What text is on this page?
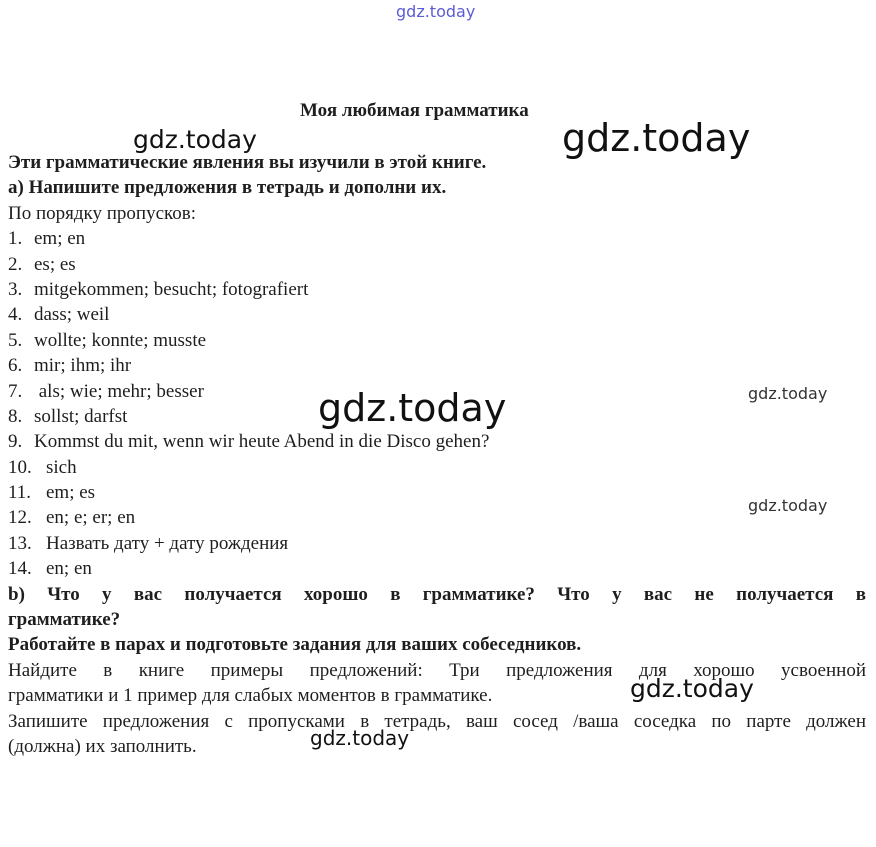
gdz.today
gdz.today	gdz.today
gdz.today
gdz.today
gdz.today
gdz.today
gdz.today
Моя любимая грамматика
Эти грамматические явления вы изучили в этой книге.
a) Напишите предложения в тетрадь и дополни их.
По порядку пропусков:
1. em; en
2. es; es
3. mitgekommen; besucht; fotografiert
4. dass; weil
5. wollte; konnte; musste
6. mir; ihm; ihr
7. als; wie; mehr; besser
8. sollst; darfst
9. Kommst du mit, wenn wir heute Abend in die Disco gehen?
10. sich
11. em; es
12. en; e; er; en
13. Назвать дату + дату рождения
14. en; en
b) Что у вас получается хорошо в грамматике? Что у вас не получается в
грамматике?
Работайте в парах и подготовьте задания для ваших собеседников.
Найдите в книге примеры предложений: Три предложения для хорошо усвоенной
грамматики и 1 пример для слабых моментов в грамматике.
Запишите предложения с пропусками в тетрадь, ваш сосед /ваша соседка по парте должен
(должна) их заполнить.
